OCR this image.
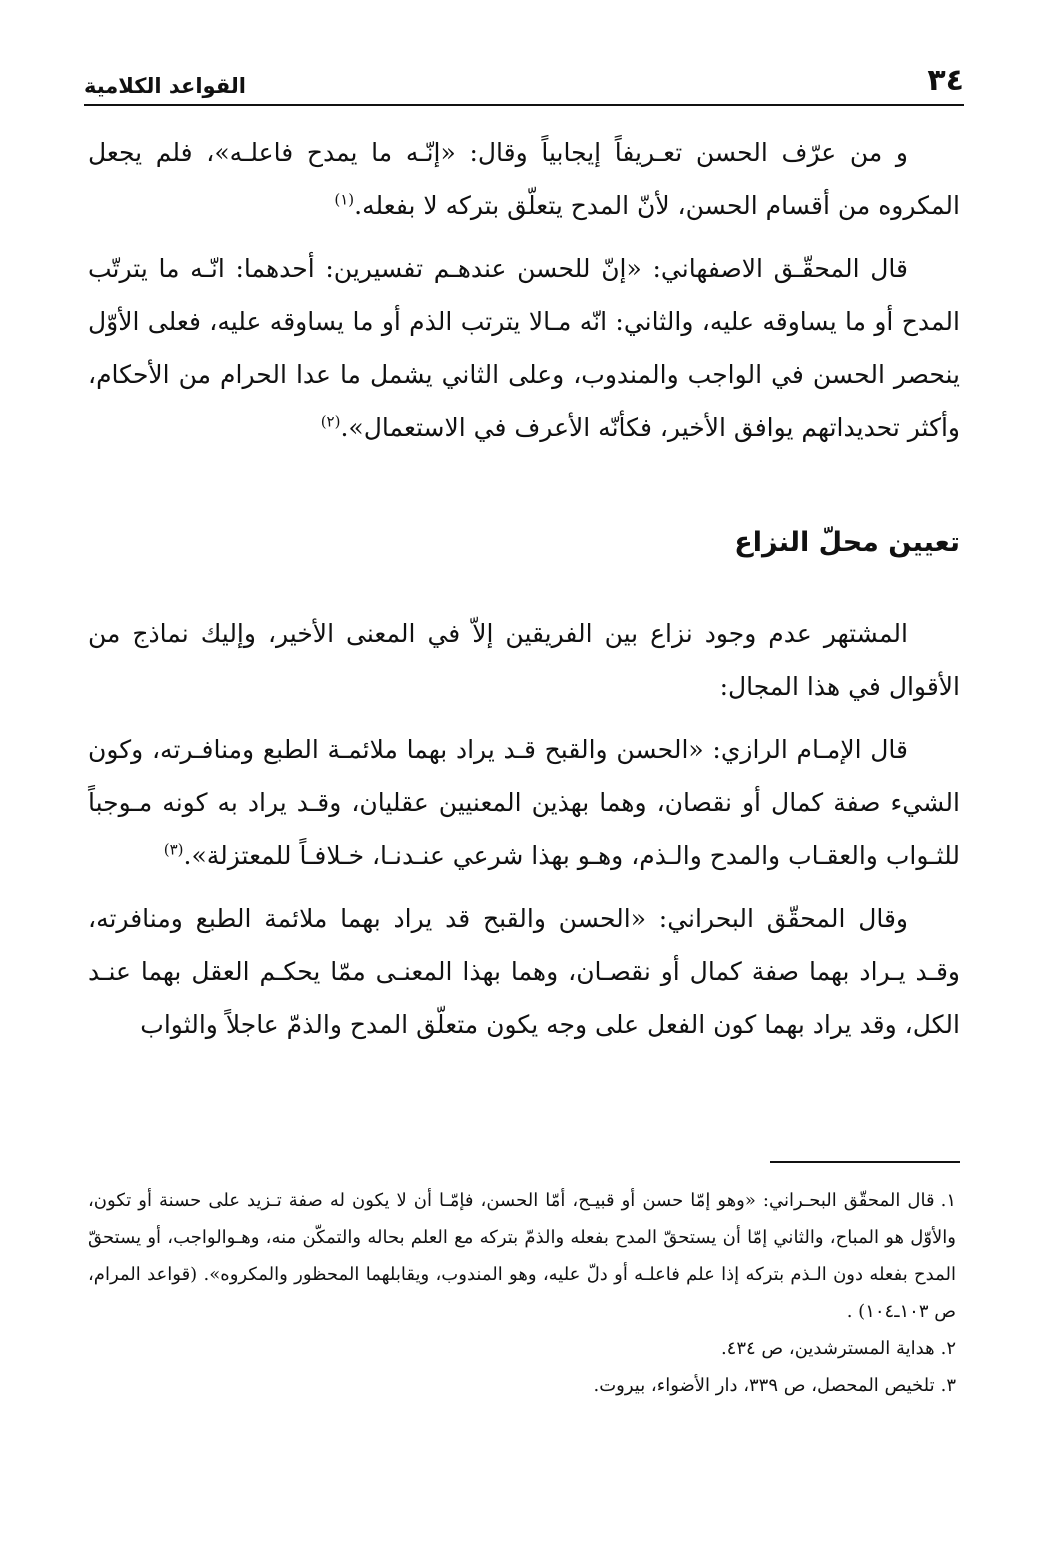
٣٤
القواعد الكلامية

و من عرّف الحسن تعـريفاً إيجابياً وقال: «إنّـه ما يمدح فاعلـه»، فلم يجعل المكروه من أقسام الحسن، لأنّ المدح يتعلّق بتركه لا بفعله.$^{(١)}$

قال المحقّـق الاصفهاني: «إنّ للحسن عندهـم تفسيرين: أحدهما: انّـه ما يترتّب المدح أو ما يساوقه عليه، والثاني: انّه مـالا يترتب الذم أو ما يساوقه عليه، فعلى الأوّل ينحصر الحسن في الواجب والمندوب، وعلى الثاني يشمل ما عدا الحرام من الأحكام، وأكثر تحديداتهم يوافق الأخير، فكأنّه الأعرف في الاستعمال».$^{(٢)}$

تعيين محلّ النزاع

المشتهر عدم وجود نزاع بين الفريقين إلاّ في المعنى الأخير، وإليك نماذج من الأقوال في هذا المجال:

قال الإمـام الرازي: «الحسن والقبح قـد يراد بهما ملائمـة الطبع ومنافـرته، وكون الشيء صفة كمال أو نقصان، وهما بهذين المعنيين عقليان، وقـد يراد به كونه مـوجباً للثـواب والعقـاب والمدح والـذم، وهـو بهذا شرعي عنـدنـا، خـلافـاً للمعتزلة».$^{(٣)}$

وقال المحقّق البحراني: «الحسن والقبح قد يراد بهما ملائمة الطبع ومنافرته، وقـد يـراد بهما صفة كمال أو نقصـان، وهما بهذا المعنـى ممّا يحكـم العقل بهما عنـد الكل، وقد يراد بهما كون الفعل على وجه يكون متعلّق المدح والذمّ عاجلاً والثواب

١.قال المحقّق البحـراني: «وهو إمّا حسن أو قبيـح، أمّا الحسن، فإمّـا أن لا يكون له صفة تـزيد على حسنة أو تكون، والأوّل هو المباح، والثاني إمّا أن يستحقّ المدح بفعله والذمّ بتركه مع العلم بحاله والتمكّن منه، وهـوالواجب، أو يستحقّ المدح بفعله دون الـذم بتركه إذا علم فاعلـه أو دلّ عليه، وهو المندوب، ويقابلهما المحظور والمكروه». (قواعد المرام، ص ١٠٣ـ١٠٤) .

٢.هداية المسترشدين، ص ٤٣٤.

٣.تلخيص المحصل، ص ٣٣٩، دار الأضواء، بيروت.
